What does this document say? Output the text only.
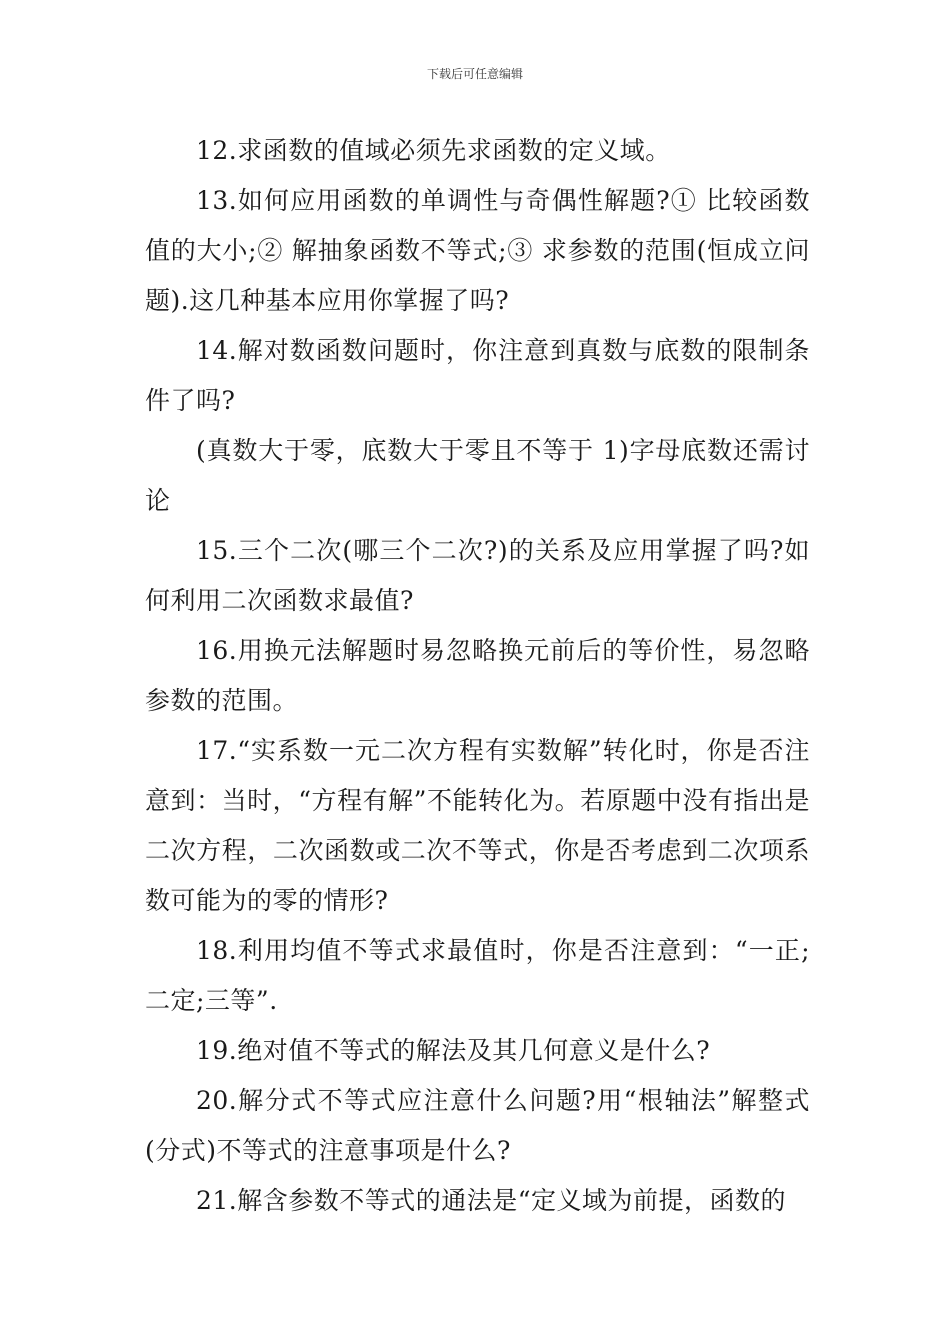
下载后可任意编辑

12.求函数的值域必须先求函数的定义域。

13.如何应用函数的单调性与奇偶性解题?① 比较函数值的大小;② 解抽象函数不等式;③ 求参数的范围(恒成立问题).这几种基本应用你掌握了吗?

14.解对数函数问题时，你注意到真数与底数的限制条件了吗?

(真数大于零，底数大于零且不等于 1)字母底数还需讨论

15.三个二次(哪三个二次?)的关系及应用掌握了吗?如何利用二次函数求最值?

16.用换元法解题时易忽略换元前后的等价性，易忽略参数的范围。

17.“实系数一元二次方程有实数解”转化时，你是否注意到：当时，“方程有解”不能转化为。若原题中没有指出是二次方程，二次函数或二次不等式，你是否考虑到二次项系数可能为的零的情形?

18.利用均值不等式求最值时，你是否注意到：“一正;二定;三等”.

19.绝对值不等式的解法及其几何意义是什么?

20.解分式不等式应注意什么问题?用“根轴法”解整式(分式)不等式的注意事项是什么?

21.解含参数不等式的通法是“定义域为前提，函数的
